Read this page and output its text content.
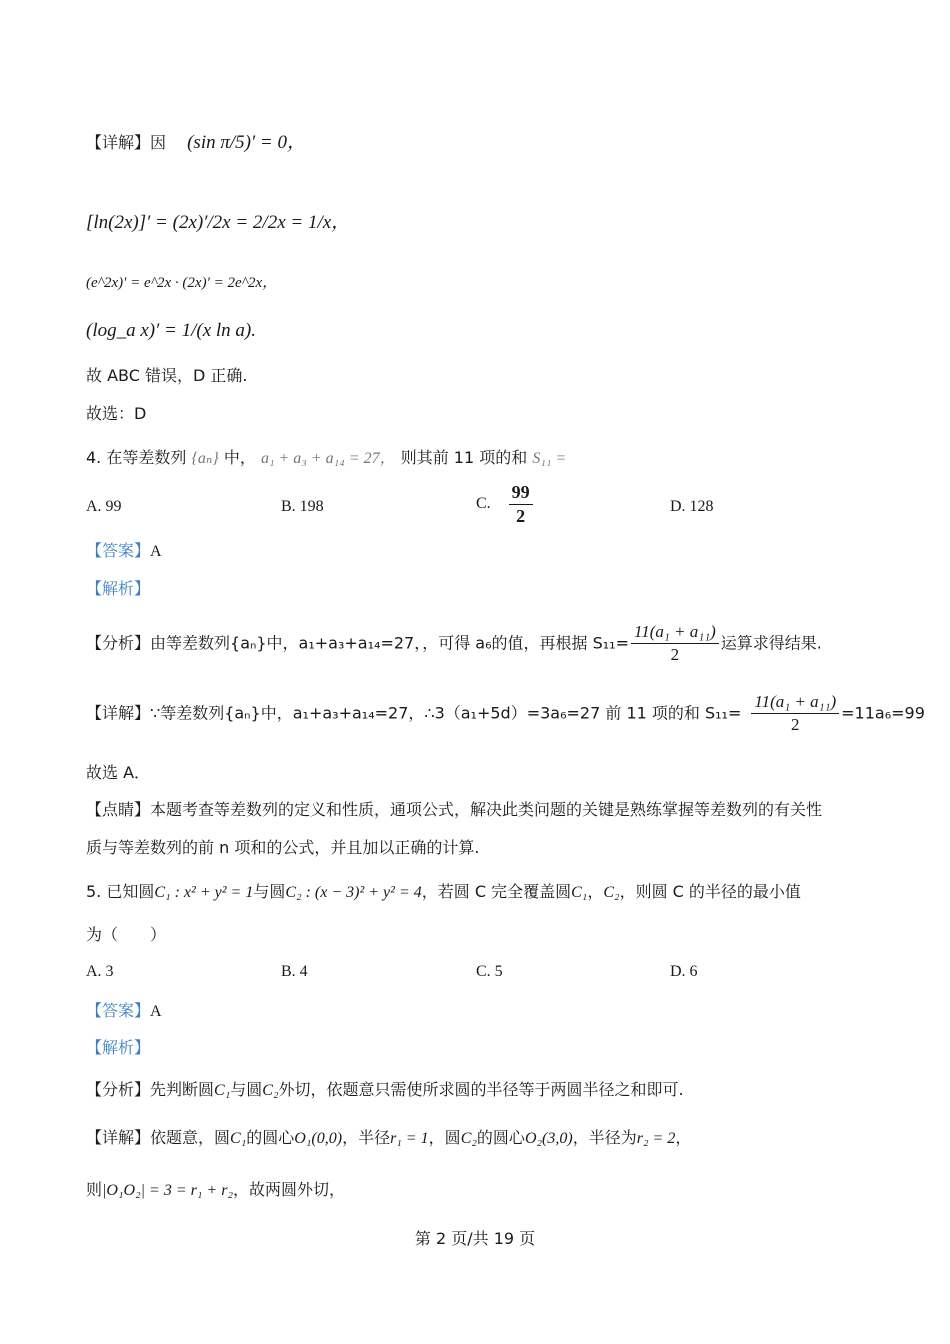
【详解】因 (sin π/5)′ = 0，
[ln(2x)]′ = (2x)′/2x = 2/2x = 1/x，
(e^2x)′ = e^2x · (2x)′ = 2e^2x，
(log_a x)′ = 1/(x ln a).
故 ABC 错误，D 正确.
故选：D
4. 在等差数列 {aₙ} 中， a₁ + a₃ + a₁₄ = 27， 则其前 11 项的和 S₁₁ =
A. 99	B. 198	C. $\frac{99}{2}$	D. 128
【答案】A
【解析】
【分析】由等差数列{aₙ}中，a₁+a₃+a₁₄=27，，可得 a₆的值，再根据 $S_{11}= \frac{\text{11(a₁ + a₁₁)}}{2}$ 运算求得结果.
【详解】∵等差数列{aₙ}中，a₁+a₃+a₁₄=27，∴3（a₁+5d）=3a₆=27 前 11 项的和 $S_{11}= \frac{\text{11(a₁ + a₁₁)}}{2} =11a_6=99$
故选 A．
【点睛】本题考查等差数列的定义和性质，通项公式，解决此类问题的关键是熟练掌握等差数列的有关性
质与等差数列的前 n 项和的公式，并且加以正确的计算.
5. 已知圆C₁ : x² + y² = 1与圆C₂ : (x − 3)² + y² = 4，若圆 C 完全覆盖圆C₁，C₂，则圆 C 的半径的最小值
为（　　）
A. 3	B. 4	C. 5	D. 6
【答案】A
【解析】
【分析】先判断圆C₁与圆C₂外切，依题意只需使所求圆的半径等于两圆半径之和即可.
【详解】依题意，圆C₁的圆心O₁(0,0)，半径r₁ = 1，圆C₂的圆心O₂(3,0)，半径为r₂ = 2，
则|O₁O₂| = 3 = r₁ + r₂，故两圆外切，
第 2 页/共 19 页
